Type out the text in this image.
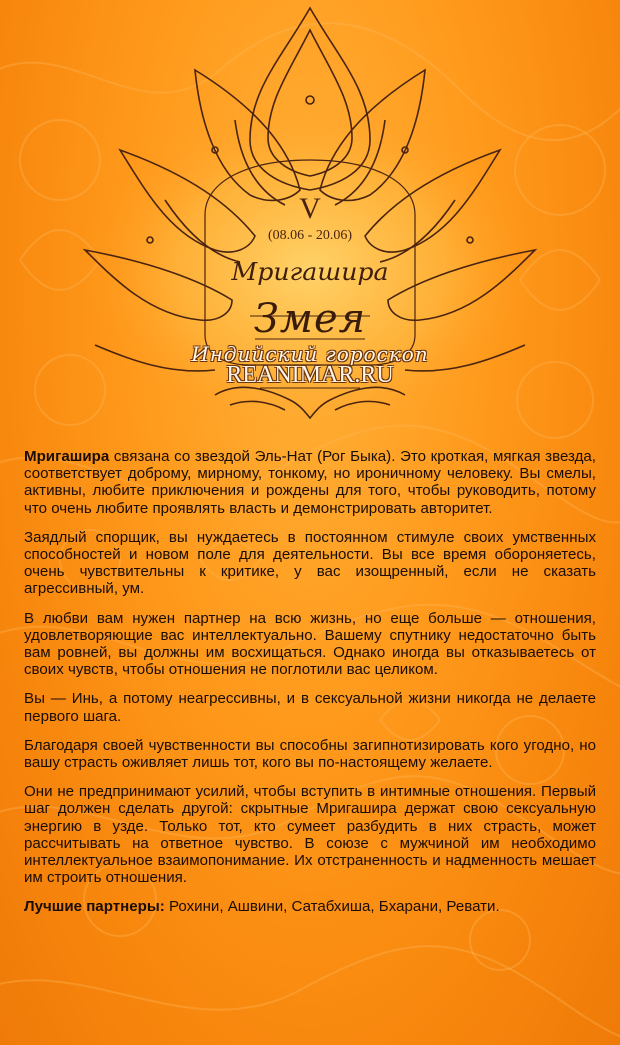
V
(08.06 - 20.06)
Мригашира
Змея
Индийский гороскоп
REANIMAR.RU

Мригашира связана со звездой Эль-Нат (Рог Быка). Это кроткая, мягкая звезда, соответствует доброму, мирному, тонкому, но ироничному человеку. Вы смелы, активны, любите приключения и рождены для того, чтобы руководить, потому что очень любите проявлять власть и демонстрировать авторитет.

Заядлый спорщик, вы нуждаетесь в постоянном стимуле своих умственных способностей и новом поле для деятельности. Вы все время обороняетесь, очень чувствительны к критике, у вас изощренный, если не сказать агрессивный, ум.

В любви вам нужен партнер на всю жизнь, но еще больше — отношения, удовлетворяющие вас интеллектуально. Вашему спутнику недостаточно быть вам ровней, вы должны им восхищаться. Однако иногда вы отказываетесь от своих чувств, чтобы отношения не поглотили вас целиком.

Вы — Инь, а потому неагрессивны, и в сексуальной жизни никогда не делаете первого шага.

Благодаря своей чувственности вы способны загипнотизировать кого угодно, но вашу страсть оживляет лишь тот, кого вы по-настоящему желаете.

Они не предпринимают усилий, чтобы вступить в интимные отношения. Первый шаг должен сделать другой: скрытные Мригашира держат свою сексуальную энергию в узде. Только тот, кто сумеет разбудить в них страсть, может рассчитывать на ответное чувство. В союзе с мужчиной им необходимо интеллектуальное взаимопонимание. Их отстраненность и надменность мешает им строить отношения.

Лучшие партнеры: Рохини, Ашвини, Сатабхиша, Бхарани, Ревати.
